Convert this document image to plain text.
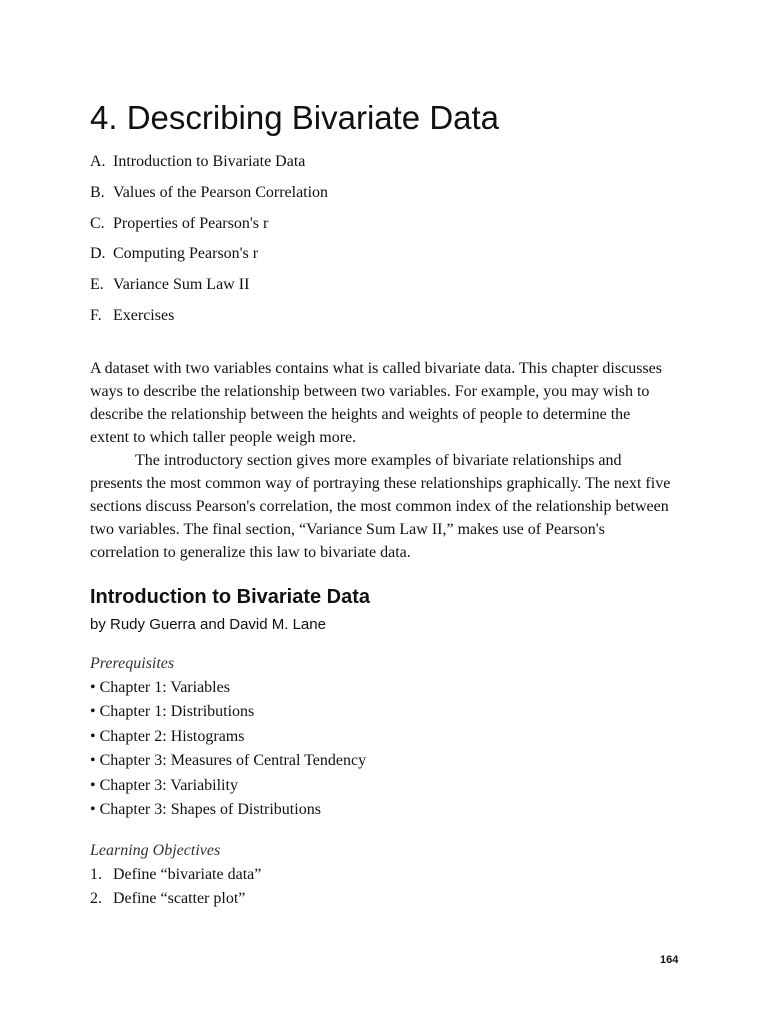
4. Describing Bivariate Data
A. Introduction to Bivariate Data
B. Values of the Pearson Correlation
C. Properties of Pearson's r
D. Computing Pearson's r
E. Variance Sum Law II
F. Exercises

A dataset with two variables contains what is called bivariate data. This chapter discusses ways to describe the relationship between two variables. For example, you may wish to describe the relationship between the heights and weights of people to determine the extent to which taller people weigh more.

The introductory section gives more examples of bivariate relationships and presents the most common way of portraying these relationships graphically. The next five sections discuss Pearson's correlation, the most common index of the relationship between two variables. The final section, “Variance Sum Law II,” makes use of Pearson's correlation to generalize this law to bivariate data.

Introduction to Bivariate Data
by Rudy Guerra and David M. Lane
Prerequisites
• Chapter 1: Variables
• Chapter 1: Distributions
• Chapter 2: Histograms
• Chapter 3: Measures of Central Tendency
• Chapter 3: Variability
• Chapter 3: Shapes of Distributions
Learning Objectives
1. Define “bivariate data”
2. Define “scatter plot”
164
